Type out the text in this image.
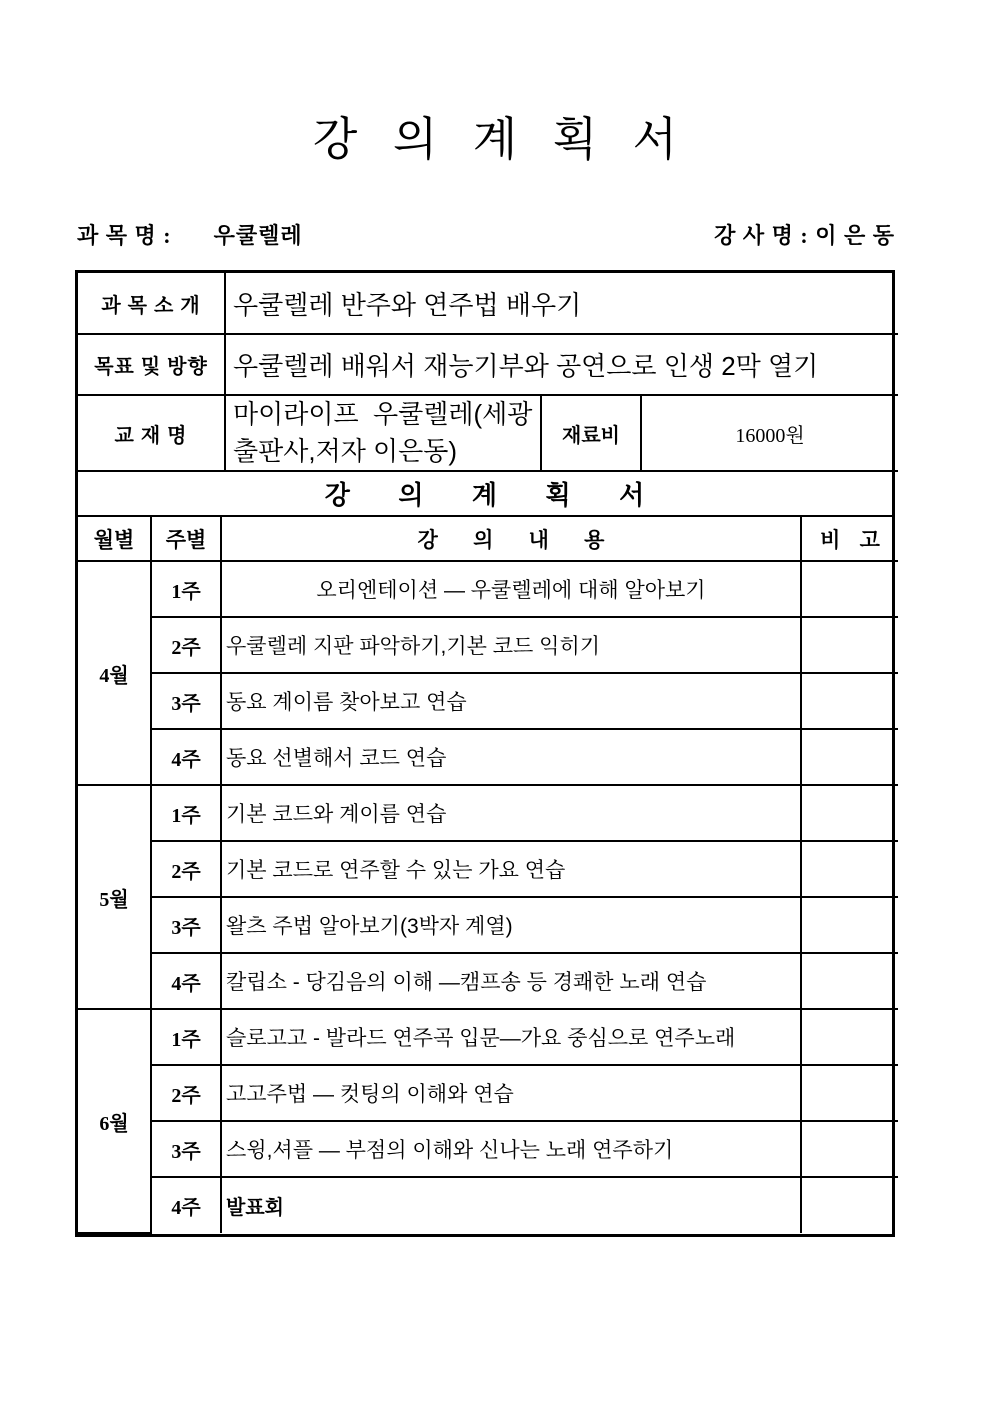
강 의 계 획 서
과 목 명 : 우쿨렐레	강 사 명 : 이 은 동
과 목 소 개	우쿨렐레 반주와 연주법 배우기		
목표 및 방향	우쿨렐레 배워서 재능기부와 공연으로 인생 2막 열기		
교 재 명	마이라이프  우쿨렐레(세광출판사,저자 이은동)	재료비	16000원
강 의 계 획 서
월별	주별	강 의 내 용	비 고
4월	1주	오리엔테이션 — 우쿨렐레에 대해 알아보기	
	2주	우쿨렐레 지판 파악하기,기본 코드 익히기	
	3주	동요 계이름 찾아보고 연습	
	4주	동요 선별해서 코드 연습	
5월	1주	기본 코드와 계이름 연습	
	2주	기본 코드로 연주할 수 있는 가요 연습	
	3주	왈츠 주법 알아보기(3박자 계열)	
	4주	칼립소 - 당김음의 이해 —캠프송 등 경쾌한 노래 연습	
6월	1주	슬로고고 - 발라드 연주곡 입문—가요 중심으로 연주노래	
	2주	고고주법 — 컷팅의 이해와 연습	
	3주	스윙,셔플 — 부점의 이해와 신나는 노래 연주하기	
	4주	발표회	
